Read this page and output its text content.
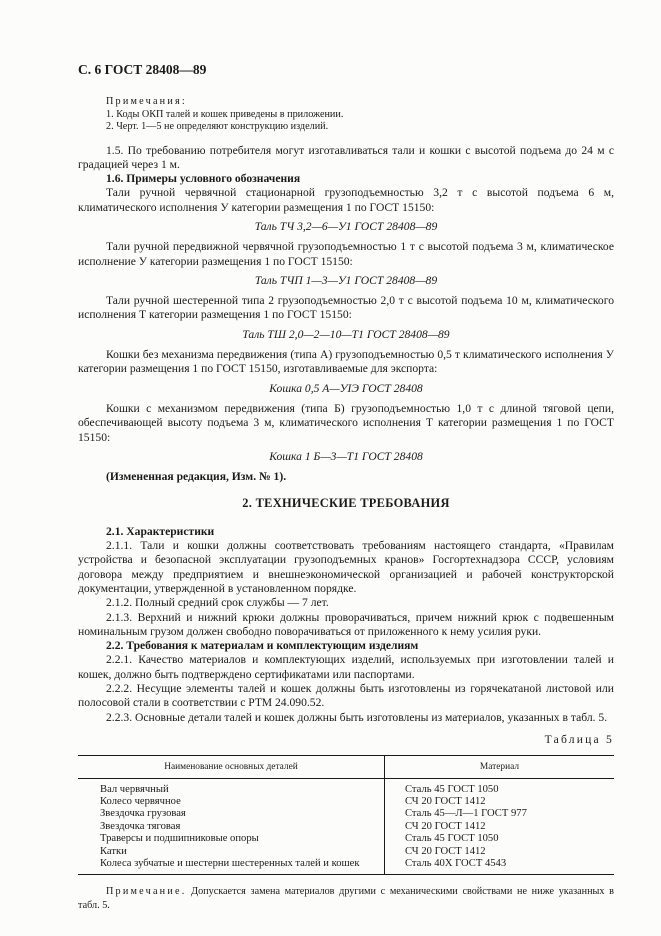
С. 6 ГОСТ 28408—89

Примечания:

1. Коды ОКП талей и кошек приведены в приложении.

2. Черт. 1—5 не определяют конструкцию изделий.

1.5. По требованию потребителя могут изготавливаться тали и кошки с высотой подъема до 24 м с градацией через 1 м.

1.6. Примеры условного обозначения

Тали ручной червячной стационарной грузоподъемностью 3,2 т с высотой подъема 6 м, климатического исполнения У категории размещения 1 по ГОСТ 15150:

Таль ТЧ 3,2—6—У1 ГОСТ 28408—89

Тали ручной передвижной червячной грузоподъемностью 1 т с высотой подъема 3 м, климатическое исполнение У категории размещения 1 по ГОСТ 15150:

Таль ТЧП 1—3—У1 ГОСТ 28408—89

Тали ручной шестеренной типа 2 грузоподъемностью 2,0 т с высотой подъема 10 м, климатического исполнения Т категории размещения 1 по ГОСТ 15150:

Таль ТШ 2,0—2—10—Т1 ГОСТ 28408—89

Кошки без механизма передвижения (типа А) грузоподъемностью 0,5 т климатического исполнения У категории размещения 1 по ГОСТ 15150, изготавливаемые для экспорта:

Кошка 0,5 А—УIЭ ГОСТ 28408

Кошки с механизмом передвижения (типа Б) грузоподъемностью 1,0 т с длиной тяговой цепи, обеспечивающей высоту подъема 3 м, климатического исполнения Т категории размещения 1 по ГОСТ 15150:

Кошка 1 Б—3—Т1 ГОСТ 28408

(Измененная редакция, Изм. № 1).

2. ТЕХНИЧЕСКИЕ ТРЕБОВАНИЯ

2.1. Характеристики

2.1.1. Тали и кошки должны соответствовать требованиям настоящего стандарта, «Правилам устройства и безопасной эксплуатации грузоподъемных кранов» Госгортехнадзора СССР, условиям договора между предприятием и внешнеэкономической организацией и рабочей конструкторской документации, утвержденной в установленном порядке.

2.1.2. Полный средний срок службы — 7 лет.

2.1.3. Верхний и нижний крюки должны проворачиваться, причем нижний крюк с подвешенным номинальным грузом должен свободно поворачиваться от приложенного к нему усилия руки.

2.2. Требования к материалам и комплектующим изделиям

2.2.1. Качество материалов и комплектующих изделий, используемых при изготовлении талей и кошек, должно быть подтверждено сертификатами или паспортами.

2.2.2. Несущие элементы талей и кошек должны быть изготовлены из горячекатаной листовой или полосовой стали в соответствии с РТМ 24.090.52.

2.2.3. Основные детали талей и кошек должны быть изготовлены из материалов, указанных в табл. 5.

Таблица 5
Наименование основных деталей	Материал
Вал червячный	Сталь 45 ГОСТ 1050
Колесо червячное	СЧ 20 ГОСТ 1412
Звездочка грузовая	Сталь 45—Л—1 ГОСТ 977
Звездочка тяговая	СЧ 20 ГОСТ 1412
Траверсы и подшипниковые опоры	Сталь 45 ГОСТ 1050
Катки	СЧ 20 ГОСТ 1412
Колеса зубчатые и шестерни шестеренных талей и кошек	Сталь 40Х ГОСТ 4543

Примечание. Допускается замена материалов другими с механическими свойствами не ниже указанных в табл. 5.
